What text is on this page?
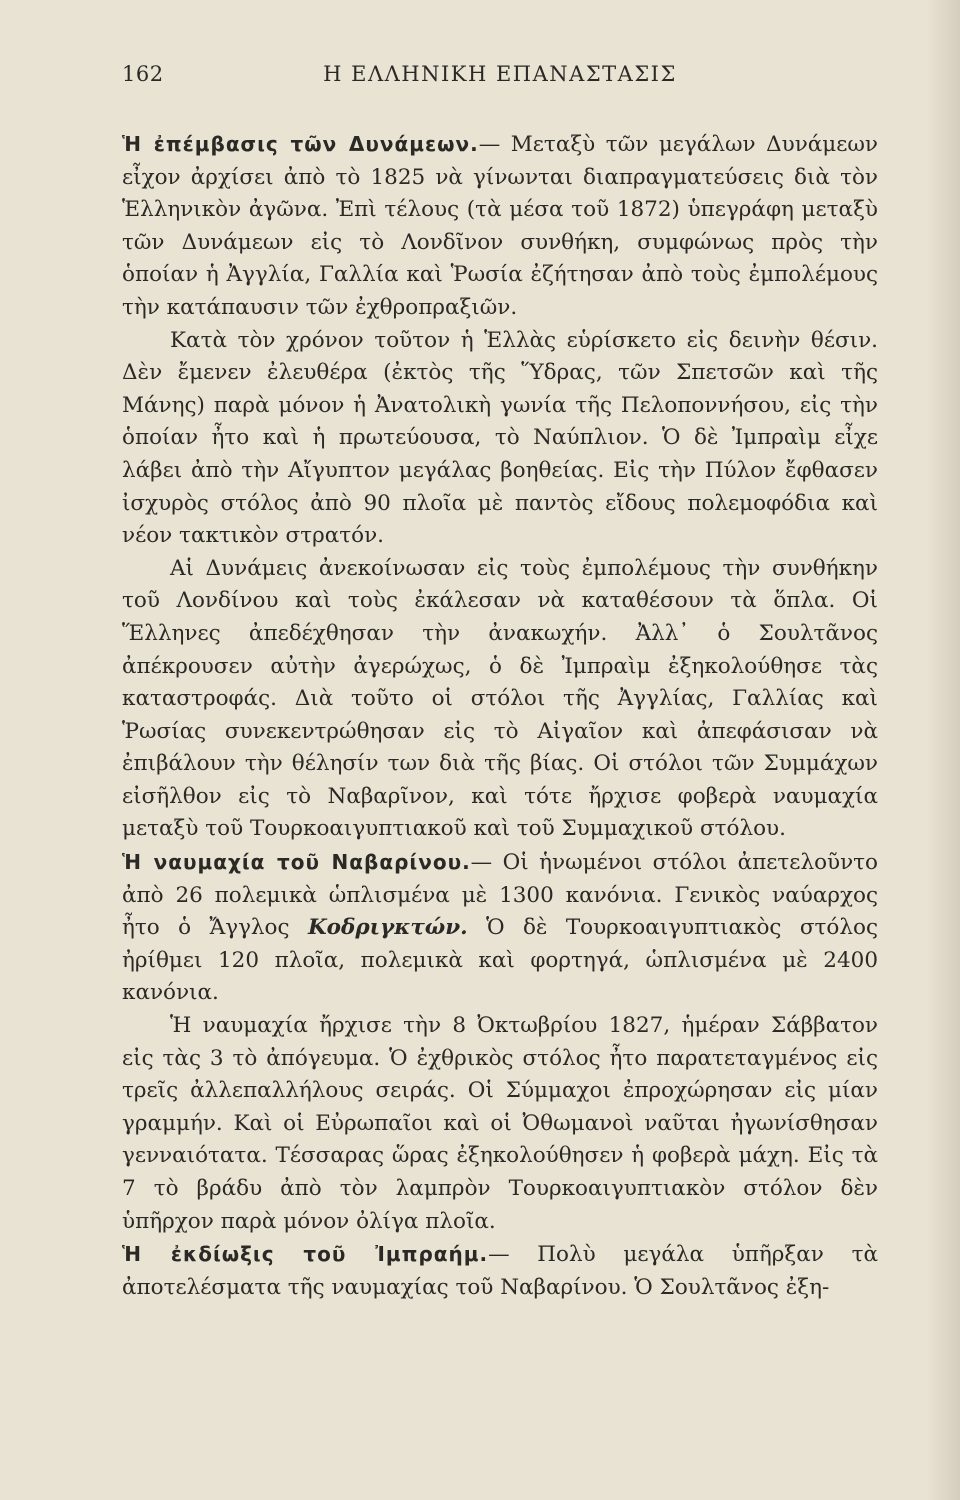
162	Η ΕΛΛΗΝΙΚΗ ΕΠΑΝΑΣΤΑΣΙΣ

Ἡ ἐπέμβασις τῶν Δυνάμεων.— Μεταξὺ τῶν μεγάλων Δυνάμεων εἶχον ἀρχίσει ἀπὸ τὸ 1825 νὰ γίνωνται διαπραγματεύσεις διὰ τὸν Ἑλληνικὸν ἀγῶνα. Ἐπὶ τέλους (τὰ μέσα τοῦ 1872) ὑπεγράφη μεταξὺ τῶν Δυνάμεων εἰς τὸ Λονδῖνον συνθήκη, συμφώνως πρὸς τὴν ὁποίαν ἡ Ἀγγλία, Γαλλία καὶ Ῥωσία ἐζήτησαν ἀπὸ τοὺς ἐμπολέμους τὴν κατάπαυσιν τῶν ἐχθροπραξιῶν.

Κατὰ τὸν χρόνον τοῦτον ἡ Ἑλλὰς εὑρίσκετο εἰς δεινὴν θέσιν. Δὲν ἔμενεν ἐλευθέρα (ἐκτὸς τῆς Ὕδρας, τῶν Σπετσῶν καὶ τῆς Μάνης) παρὰ μόνον ἡ Ἀνατολικὴ γωνία τῆς Πελοποννήσου, εἰς τὴν ὁποίαν ἦτο καὶ ἡ πρωτεύουσα, τὸ Ναύπλιον. Ὁ δὲ Ἰμπραὶμ εἶχε λάβει ἀπὸ τὴν Αἴγυπτον μεγάλας βοηθείας. Εἰς τὴν Πύλον ἔφθασεν ἰσχυρὸς στόλος ἀπὸ 90 πλοῖα μὲ παντὸς εἴδους πολεμοφόδια καὶ νέον τακτικὸν στρατόν.

Αἱ Δυνάμεις ἀνεκοίνωσαν εἰς τοὺς ἐμπολέμους τὴν συνθήκην τοῦ Λονδίνου καὶ τοὺς ἐκάλεσαν νὰ καταθέσουν τὰ ὅπλα. Οἱ Ἕλληνες ἀπεδέχθησαν τὴν ἀνακωχήν. Ἀλλ᾽ ὁ Σουλτᾶνος ἀπέκρουσεν αὐτὴν ἀγερώχως, ὁ δὲ Ἰμπραὶμ ἐξηκολούθησε τὰς καταστροφάς. Διὰ τοῦτο οἱ στόλοι τῆς Ἀγγλίας, Γαλλίας καὶ Ῥωσίας συνεκεντρώθησαν εἰς τὸ Αἰγαῖον καὶ ἀπεφάσισαν νὰ ἐπιβάλουν τὴν θέλησίν των διὰ τῆς βίας. Οἱ στόλοι τῶν Συμμάχων εἰσῆλθον εἰς τὸ Ναβαρῖνον, καὶ τότε ἤρχισε φοβερὰ ναυμαχία μεταξὺ τοῦ Τουρκοαιγυπτιακοῦ καὶ τοῦ Συμμαχικοῦ στόλου.

Ἡ ναυμαχία τοῦ Ναβαρίνου.— Οἱ ἡνωμένοι στόλοι ἀπετελοῦντο ἀπὸ 26 πολεμικὰ ὡπλισμένα μὲ 1300 κανόνια. Γενικὸς ναύαρχος ἦτο ὁ Ἄγγλος Κοδριγκτών. Ὁ δὲ Τουρκοαιγυπτιακὸς στόλος ἠρίθμει 120 πλοῖα, πολεμικὰ καὶ φορτηγά, ὡπλισμένα μὲ 2400 κανόνια.

Ἡ ναυμαχία ἤρχισε τὴν 8 Ὀκτωβρίου 1827, ἡμέραν Σάββατον εἰς τὰς 3 τὸ ἀπόγευμα. Ὁ ἐχθρικὸς στόλος ἦτο παρατεταγμένος εἰς τρεῖς ἀλλεπαλλήλους σειράς. Οἱ Σύμμαχοι ἐπροχώρησαν εἰς μίαν γραμμήν. Καὶ οἱ Εὐρωπαῖοι καὶ οἱ Ὀθωμανοὶ ναῦται ἠγωνίσθησαν γενναιότατα. Τέσσαρας ὥρας ἐξηκολούθησεν ἡ φοβερὰ μάχη. Εἰς τὰ 7 τὸ βράδυ ἀπὸ τὸν λαμπρὸν Τουρκοαιγυπτιακὸν στόλον δὲν ὑπῆρχον παρὰ μόνον ὀλίγα πλοῖα.

Ἡ ἐκδίωξις τοῦ Ἰμπραήμ.— Πολὺ μεγάλα ὑπῆρξαν τὰ ἀποτελέσματα τῆς ναυμαχίας τοῦ Ναβαρίνου. Ὁ Σουλτᾶνος ἐξη-
